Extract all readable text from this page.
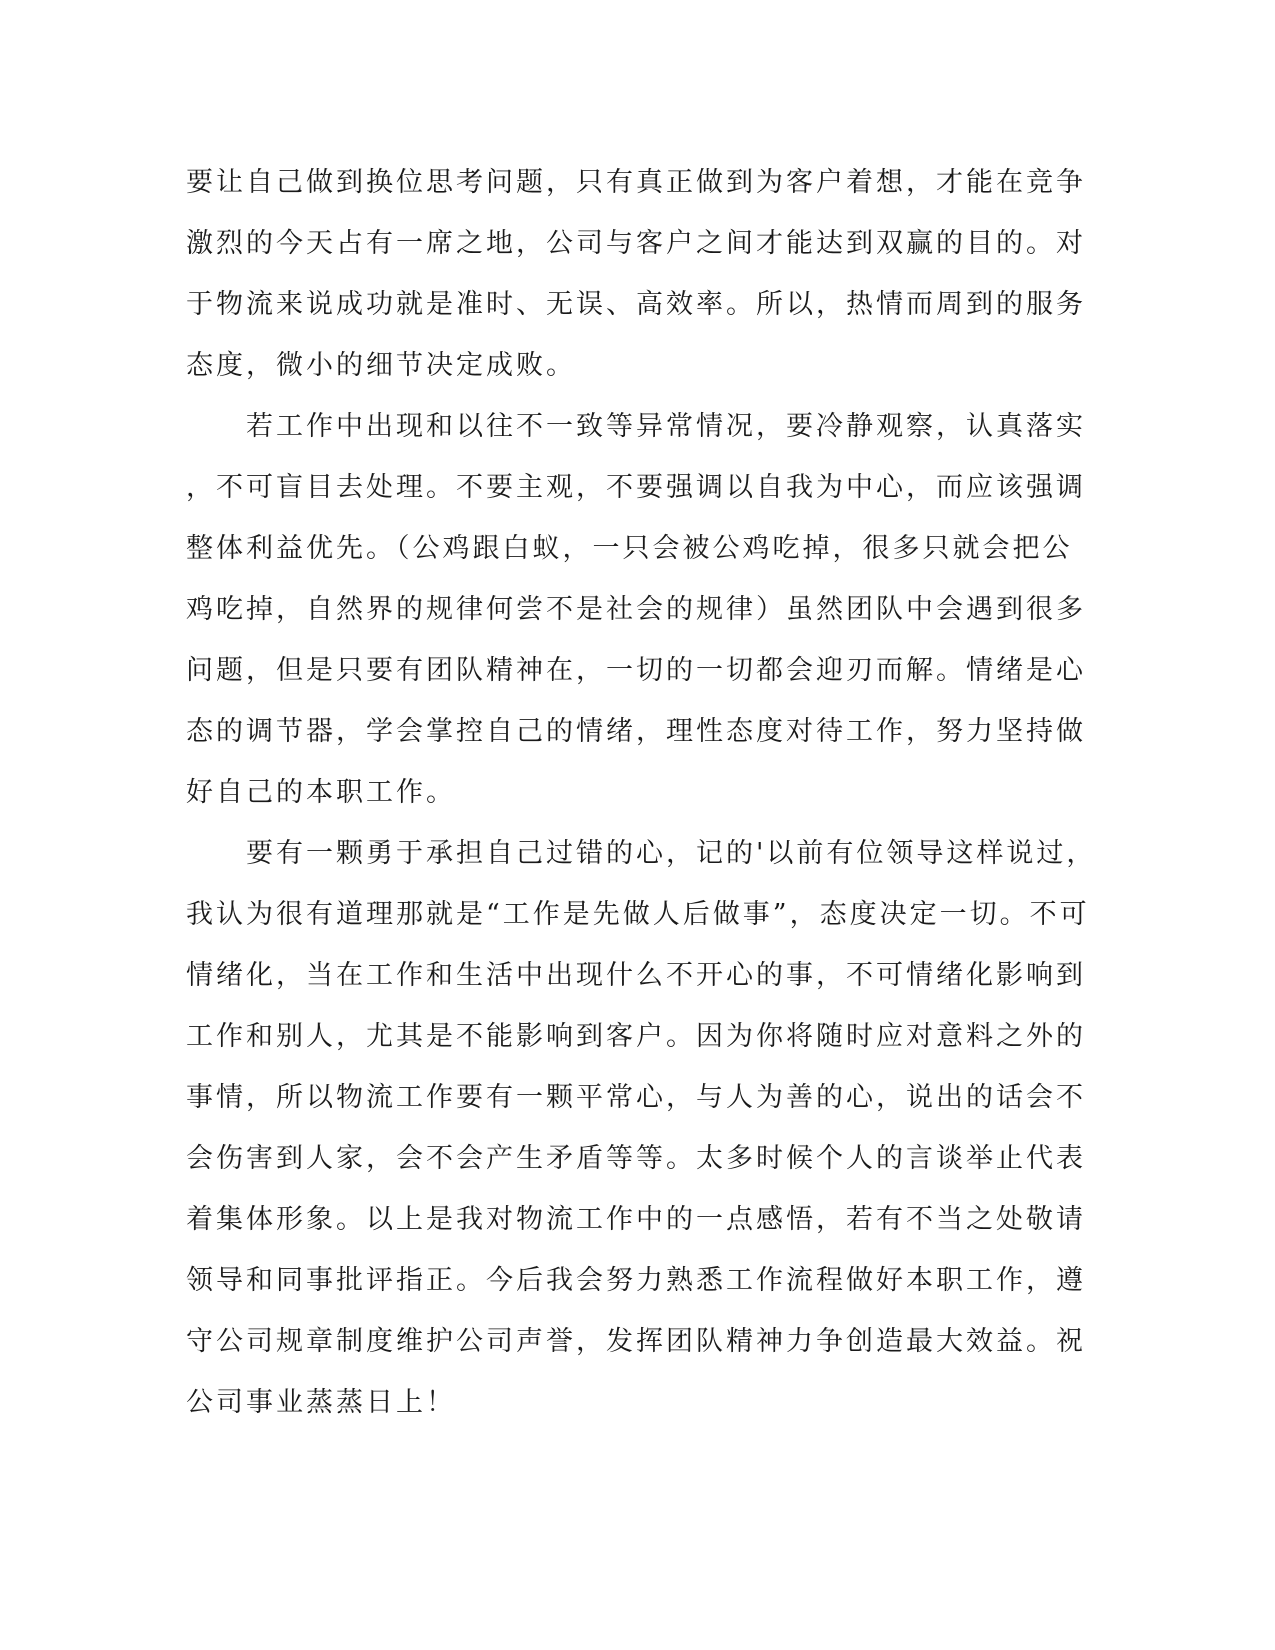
要让自己做到换位思考问题，只有真正做到为客户着想，才能在竞争
激烈的今天占有一席之地，公司与客户之间才能达到双赢的目的。对
于物流来说成功就是准时、无误、高效率。所以，热情而周到的服务
态度，微小的细节决定成败。
　　若工作中出现和以往不一致等异常情况，要冷静观察，认真落实
，不可盲目去处理。不要主观，不要强调以自我为中心，而应该强调
整体利益优先。（公鸡跟白蚁，一只会被公鸡吃掉，很多只就会把公
鸡吃掉，自然界的规律何尝不是社会的规律）虽然团队中会遇到很多
问题，但是只要有团队精神在，一切的一切都会迎刃而解。情绪是心
态的调节器，学会掌控自己的情绪，理性态度对待工作，努力坚持做
好自己的本职工作。
　　要有一颗勇于承担自己过错的心，记的'以前有位领导这样说过，
我认为很有道理那就是“工作是先做人后做事”，态度决定一切。不可
情绪化，当在工作和生活中出现什么不开心的事，不可情绪化影响到
工作和别人，尤其是不能影响到客户。因为你将随时应对意料之外的
事情，所以物流工作要有一颗平常心，与人为善的心，说出的话会不
会伤害到人家，会不会产生矛盾等等。太多时候个人的言谈举止代表
着集体形象。以上是我对物流工作中的一点感悟，若有不当之处敬请
领导和同事批评指正。今后我会努力熟悉工作流程做好本职工作，遵
守公司规章制度维护公司声誉，发挥团队精神力争创造最大效益。祝
公司事业蒸蒸日上！
